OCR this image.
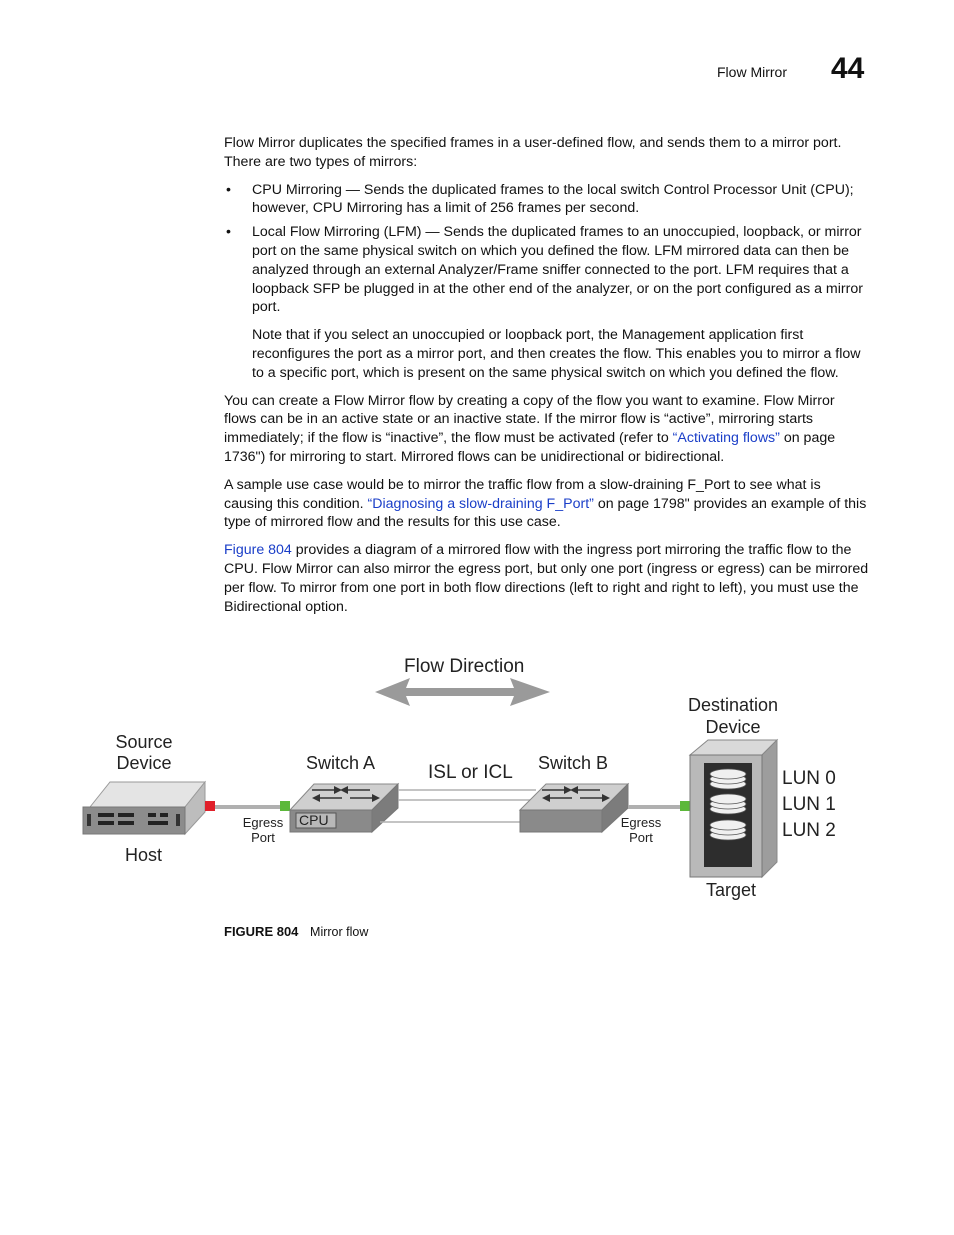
Flow Mirror 44

Flow Mirror duplicates the specified frames in a user-defined flow, and sends them to a mirror port. There are two types of mirrors:

• CPU Mirroring — Sends the duplicated frames to the local switch Control Processor Unit (CPU); however, CPU Mirroring has a limit of 256 frames per second.
• Local Flow Mirroring (LFM) — Sends the duplicated frames to an unoccupied, loopback, or mirror port on the same physical switch on which you defined the flow. LFM mirrored data can then be analyzed through an external Analyzer/Frame sniffer connected to the port. LFM requires that a loopback SFP be plugged in at the other end of the analyzer, or on the port configured as a mirror port.

Note that if you select an unoccupied or loopback port, the Management application first reconfigures the port as a mirror port, and then creates the flow. This enables you to mirror a flow to a specific port, which is present on the same physical switch on which you defined the flow.

You can create a Flow Mirror flow by creating a copy of the flow you want to examine. Flow Mirror flows can be in an active state or an inactive state. If the mirror flow is “active”, mirroring starts immediately; if the flow is “inactive”, the flow must be activated (refer to “Activating flows” on page 1736") for mirroring to start. Mirrored flows can be unidirectional or bidirectional.

A sample use case would be to mirror the traffic flow from a slow-draining F_Port to see what is causing this condition. “Diagnosing a slow-draining F_Port” on page 1798" provides an example of this type of mirrored flow and the results for this use case.

Figure 804 provides a diagram of a mirrored flow with the ingress port mirroring the traffic flow to the CPU. Flow Mirror can also mirror the egress port, but only one port (ingress or egress) can be mirrored per flow. To mirror from one port in both flow directions (left to right and right to left), you must use the Bidirectional option.

Flow Direction
Source
Device
Host
Switch A	Switch B
ISL or ICL
CPU
Egress
Port
Egress
Port
Destination
Device
Target
LUN 0
LUN 1
LUN 2
FIGURE 804 Mirror flow
